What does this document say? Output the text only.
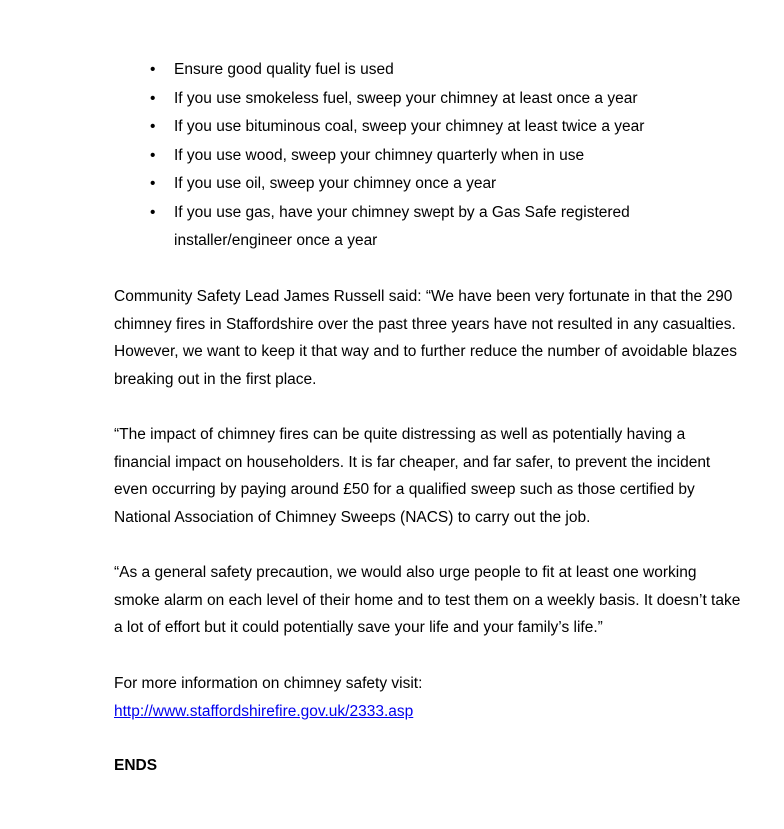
• Ensure good quality fuel is used
• If you use smokeless fuel, sweep your chimney at least once a year
• If you use bituminous coal, sweep your chimney at least twice a year
• If you use wood, sweep your chimney quarterly when in use
• If you use oil, sweep your chimney once a year
• If you use gas, have your chimney swept by a Gas Safe registered installer/engineer once a year

Community Safety Lead James Russell said: “We have been very fortunate in that the 290 chimney fires in Staffordshire over the past three years have not resulted in any casualties. However, we want to keep it that way and to further reduce the number of avoidable blazes breaking out in the first place.

“The impact of chimney fires can be quite distressing as well as potentially having a financial impact on householders. It is far cheaper, and far safer, to prevent the incident even occurring by paying around £50 for a qualified sweep such as those certified by National Association of Chimney Sweeps (NACS) to carry out the job.

“As a general safety precaution, we would also urge people to fit at least one working smoke alarm on each level of their home and to test them on a weekly basis. It doesn’t take a lot of effort but it could potentially save your life and your family’s life.”

For more information on chimney safety visit:
http://www.staffordshirefire.gov.uk/2333.asp

ENDS
